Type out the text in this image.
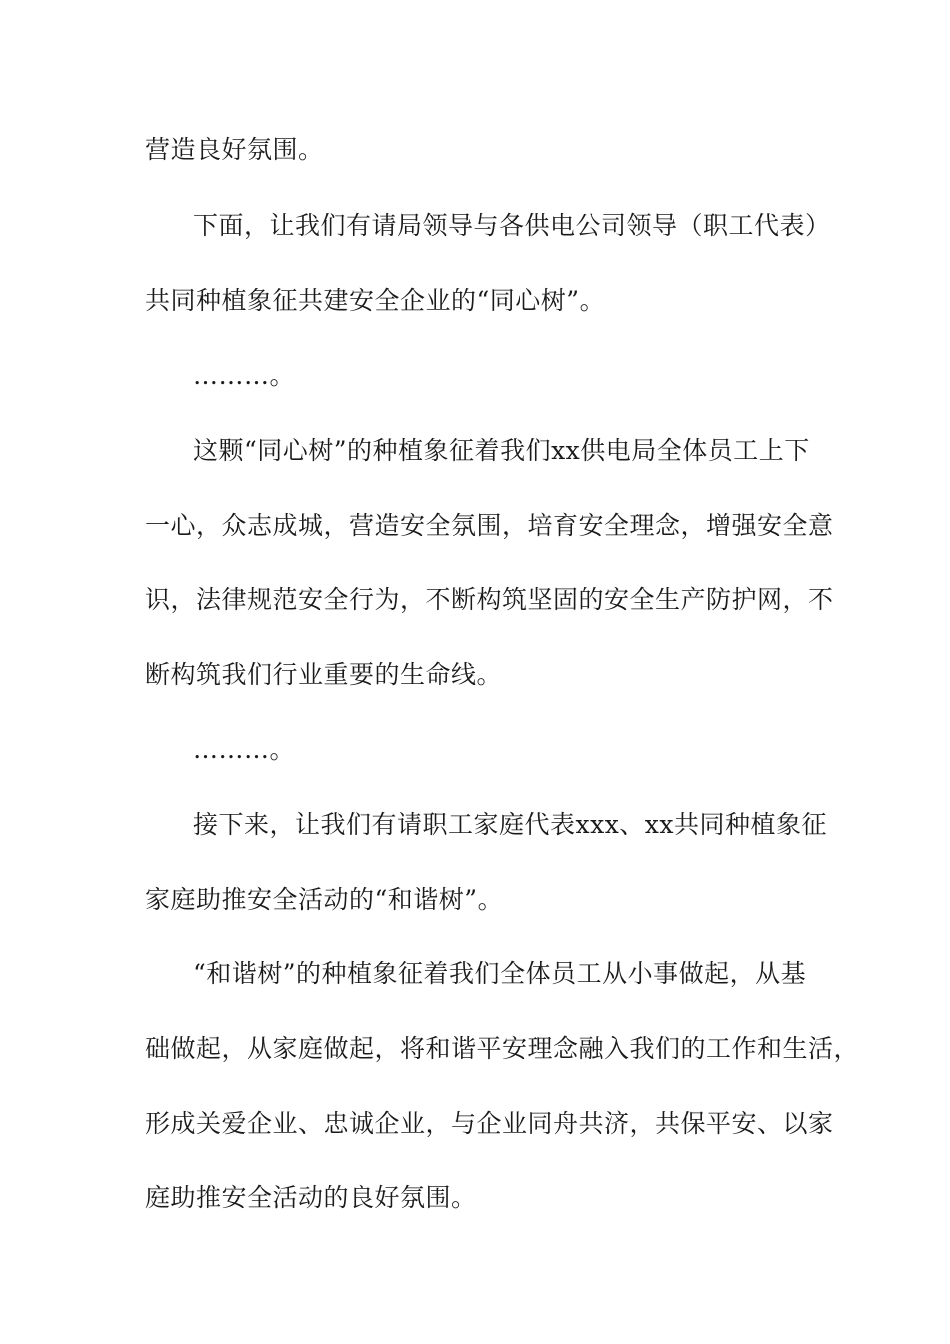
营造良好氛围。
下面，让我们有请局领导与各供电公司领导（职工代表）
共同种植象征共建安全企业的“同心树”。
………。
这颗“同心树”的种植象征着我们xx供电局全体员工上下
一心，众志成城，营造安全氛围，培育安全理念，增强安全意
识，法律规范安全行为，不断构筑坚固的安全生产防护网，不
断构筑我们行业重要的生命线。
………。
接下来，让我们有请职工家庭代表xxx、xx共同种植象征
家庭助推安全活动的“和谐树”。
“和谐树”的种植象征着我们全体员工从小事做起，从基
础做起，从家庭做起，将和谐平安理念融入我们的工作和生活，
形成关爱企业、忠诚企业，与企业同舟共济，共保平安、以家
庭助推安全活动的良好氛围。
